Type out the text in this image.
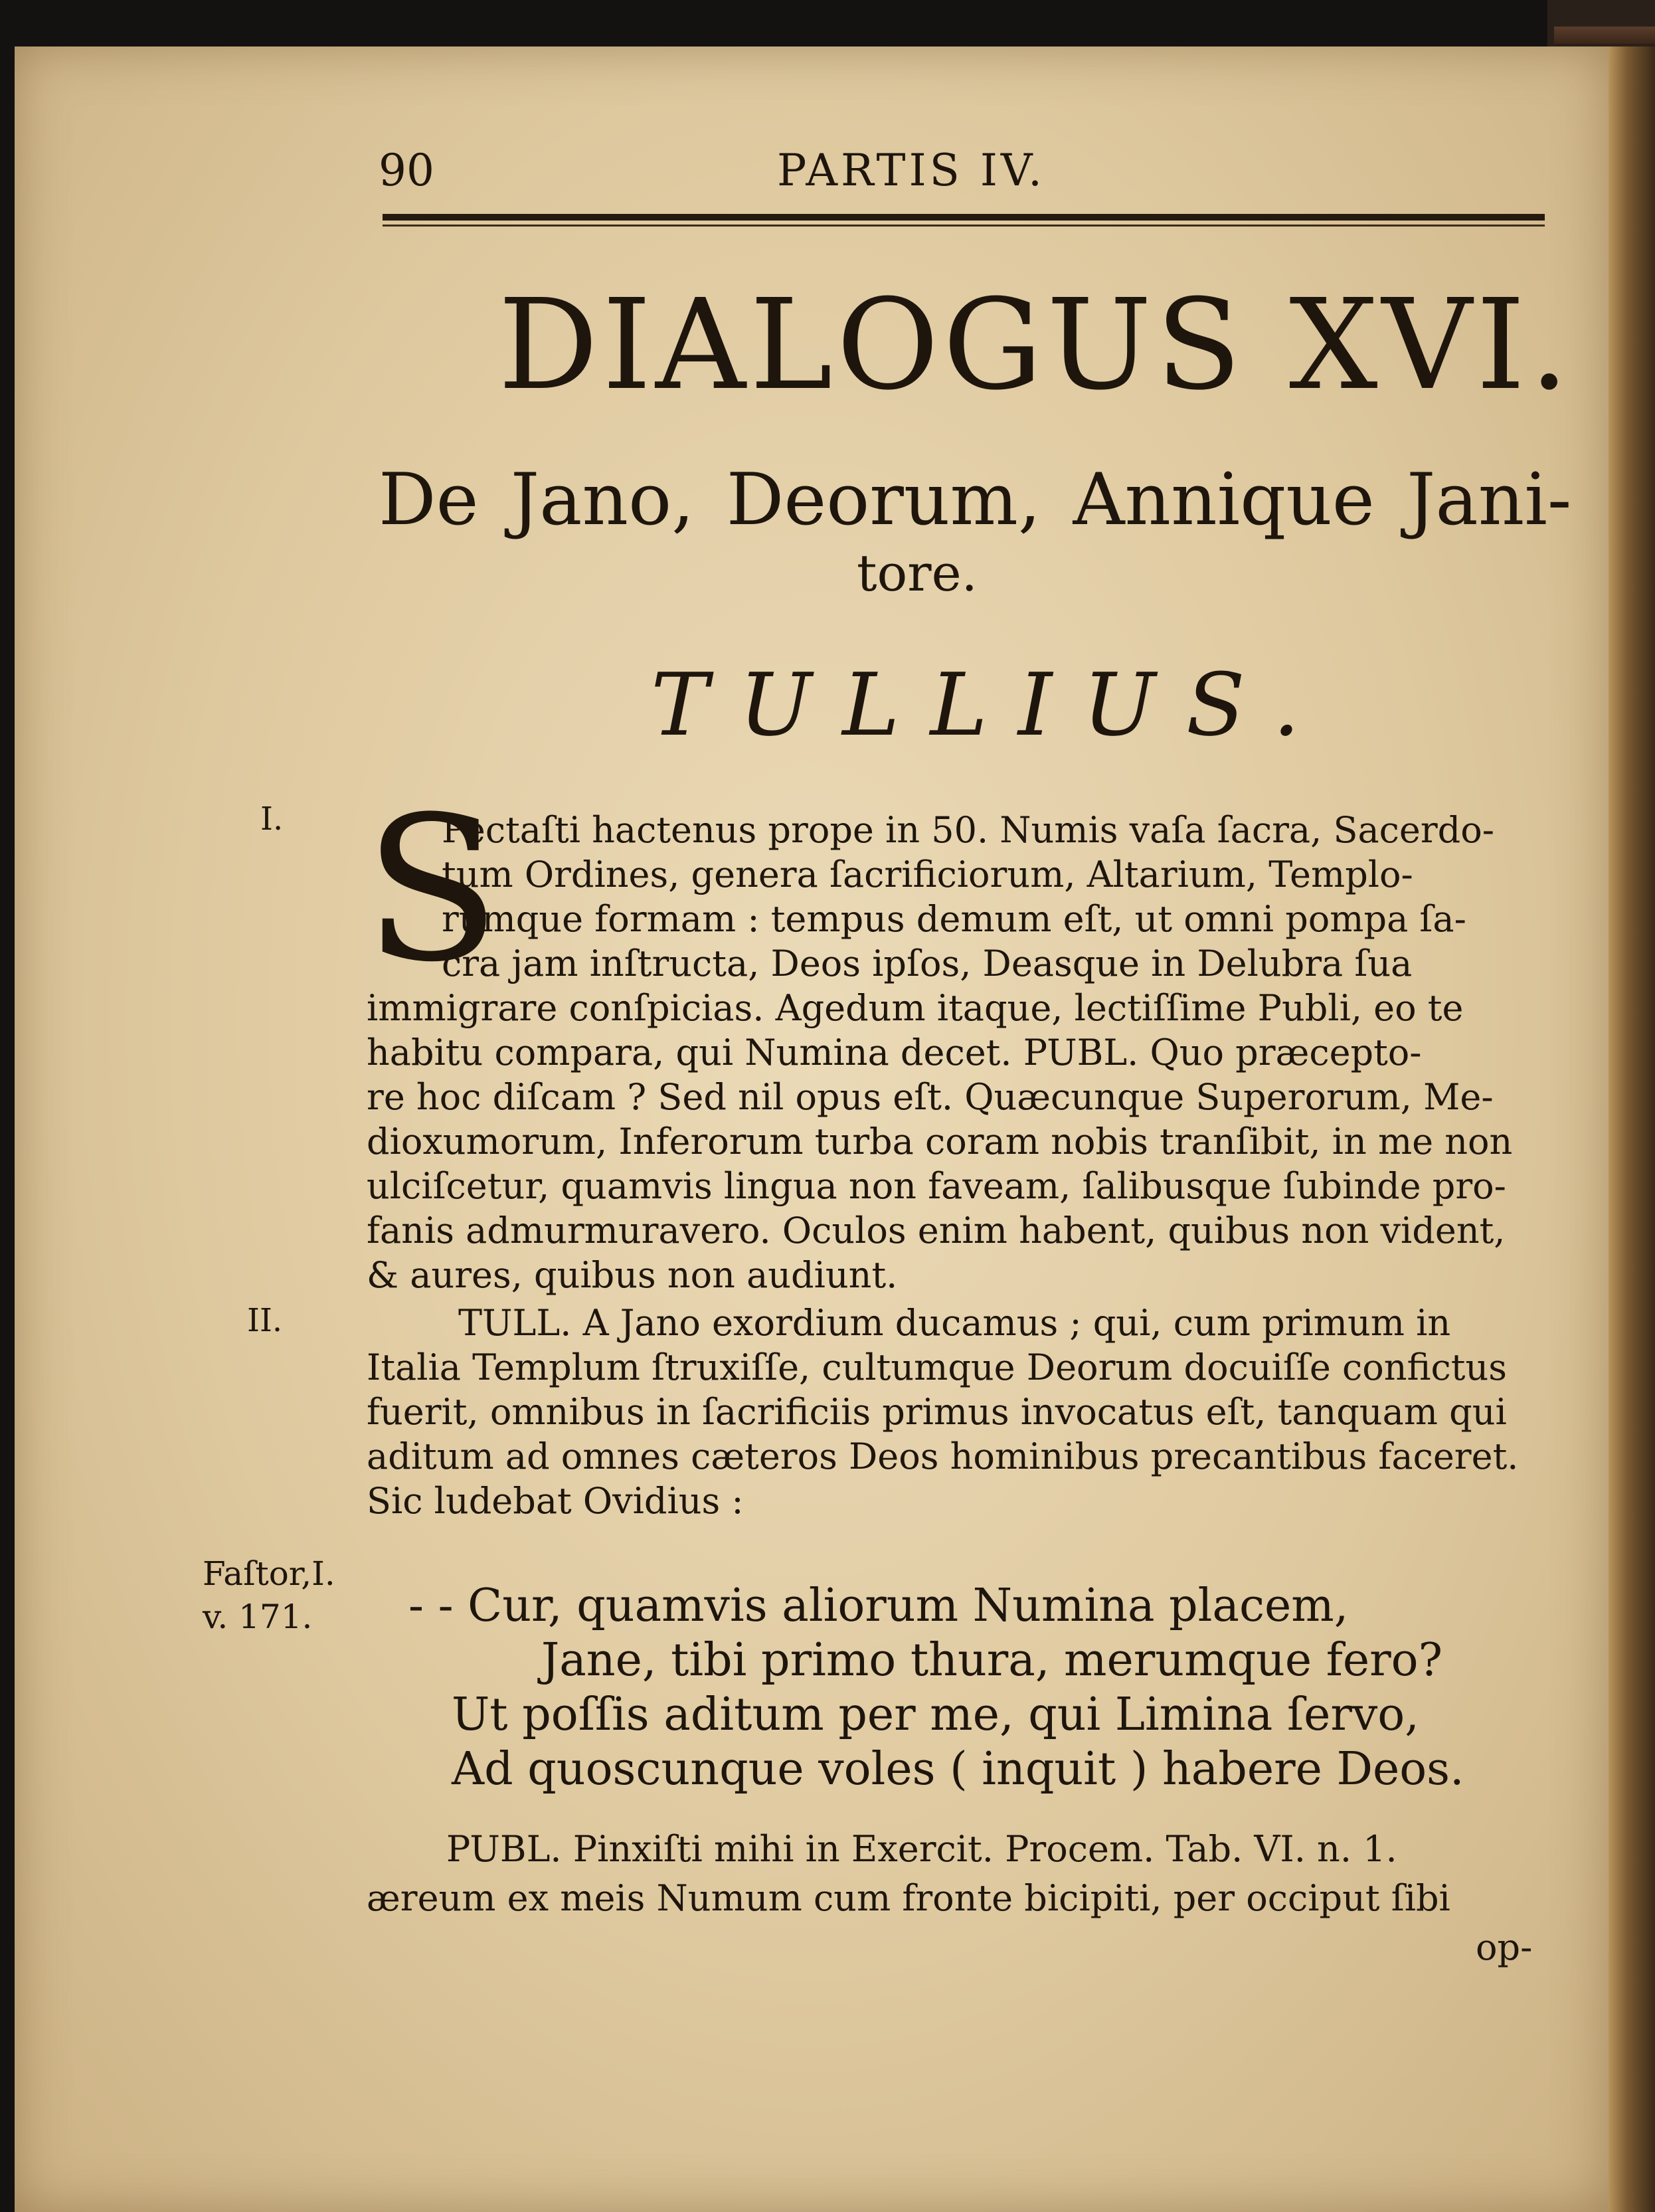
90	PARTIS IV.
DIALOGUS XVI.
De Jano, Deorum, Annique Jani-
tore.
TULLIUS.
I.
II.
Faſtor,I.
v. 171.
S
Pectaſti hactenus prope in 50. Numis vaſa ſacra, Sacerdo-
tum Ordines, genera ſacrificiorum, Altarium, Templo-
rumque formam : tempus demum eſt, ut omni pompa ſa-
cra jam inſtructa, Deos ipſos, Deasque in Delubra ſua
immigrare conſpicias. Agedum itaque, lectiſſime Publi, eo te
habitu compara, qui Numina decet. PUBL. Quo præcepto-
re hoc diſcam ? Sed nil opus eſt. Quæcunque Superorum, Me-
dioxumorum, Inferorum turba coram nobis tranſibit, in me non
ulciſcetur, quamvis lingua non faveam, ſalibusque ſubinde pro-
fanis admurmuravero. Oculos enim habent, quibus non vident,
& aures, quibus non audiunt.
TULL. A Jano exordium ducamus ; qui, cum primum in
Italia Templum ſtruxiſſe, cultumque Deorum docuiſſe confictus
fuerit, omnibus in ſacrificiis primus invocatus eſt, tanquam qui
aditum ad omnes cæteros Deos hominibus precantibus faceret.
Sic ludebat Ovidius :
- - Cur, quamvis aliorum Numina placem,
Jane, tibi primo thura, merumque fero?
Ut poſſis aditum per me, qui Limina ſervo,
Ad quoscunque voles ( inquit ) habere Deos.
PUBL. Pinxiſti mihi in Exercit. Procem. Tab. VI. n. 1.
æreum ex meis Numum cum fronte bicipiti, per occiput ſibi
op-
